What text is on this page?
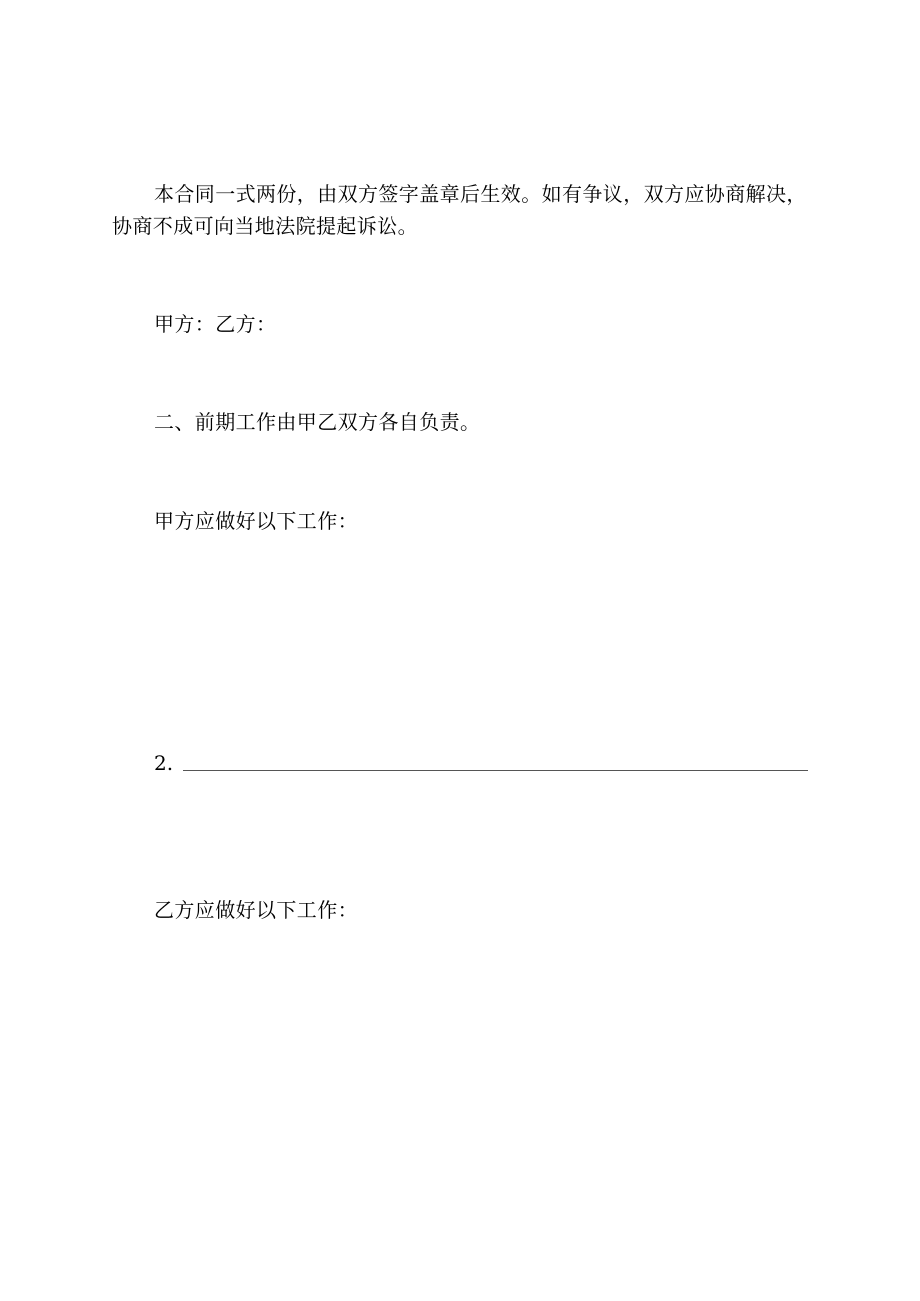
本合同一式两份，由双方签字盖章后生效。如有争议，双方应协商解决，协商不成可向当地法院提起诉讼。

甲方：乙方：

二、前期工作由甲乙双方各自负责。

甲方应做好以下工作：

2.

乙方应做好以下工作：
